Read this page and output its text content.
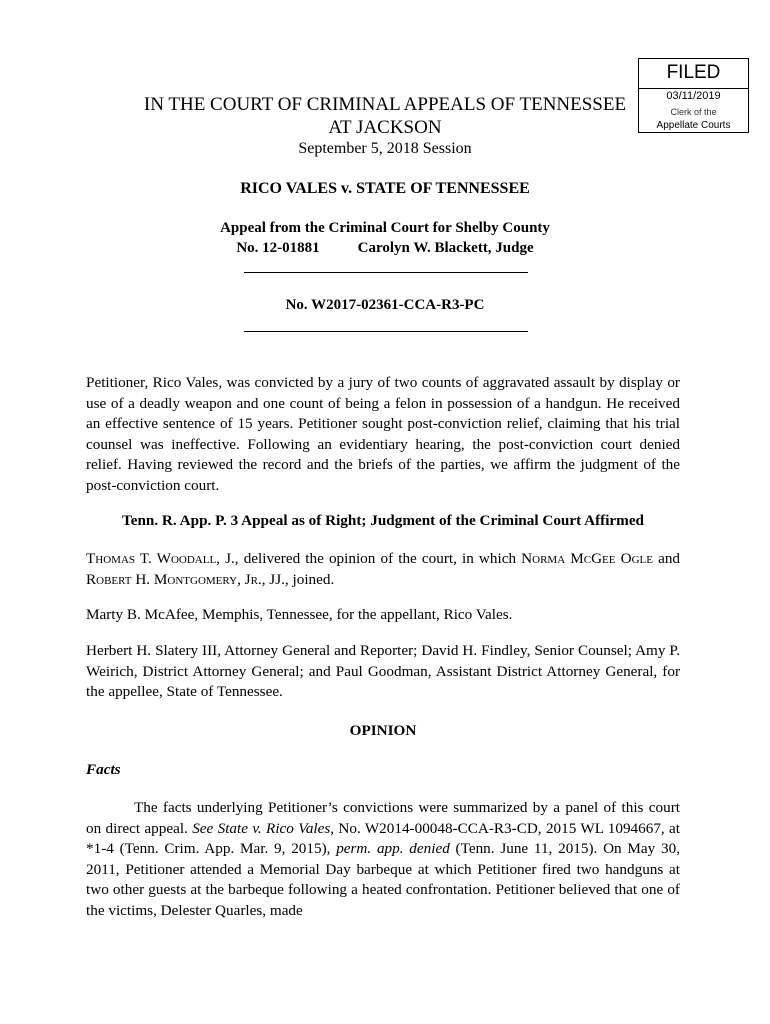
FILED
03/11/2019
Clerk of the
Appellate Courts
IN THE COURT OF CRIMINAL APPEALS OF TENNESSEE
AT JACKSON
September 5, 2018 Session
RICO VALES v. STATE OF TENNESSEE
Appeal from the Criminal Court for Shelby County
No. 12-01881	Carolyn W. Blackett, Judge
No. W2017-02361-CCA-R3-PC

Petitioner, Rico Vales, was convicted by a jury of two counts of aggravated assault by display or use of a deadly weapon and one count of being a felon in possession of a handgun. He received an effective sentence of 15 years. Petitioner sought post-conviction relief, claiming that his trial counsel was ineffective. Following an evidentiary hearing, the post-conviction court denied relief. Having reviewed the record and the briefs of the parties, we affirm the judgment of the post-conviction court.

Tenn. R. App. P. 3 Appeal as of Right; Judgment of the Criminal Court Affirmed

Thomas T. Woodall, J., delivered the opinion of the court, in which Norma McGee Ogle and Robert H. Montgomery, Jr., JJ., joined.

Marty B. McAfee, Memphis, Tennessee, for the appellant, Rico Vales.

Herbert H. Slatery III, Attorney General and Reporter; David H. Findley, Senior Counsel; Amy P. Weirich, District Attorney General; and Paul Goodman, Assistant District Attorney General, for the appellee, State of Tennessee.

OPINION

Facts

The facts underlying Petitioner’s convictions were summarized by a panel of this court on direct appeal. See State v. Rico Vales, No. W2014-00048-CCA-R3-CD, 2015 WL 1094667, at *1-4 (Tenn. Crim. App. Mar. 9, 2015), perm. app. denied (Tenn. June 11, 2015). On May 30, 2011, Petitioner attended a Memorial Day barbeque at which Petitioner fired two handguns at two other guests at the barbeque following a heated confrontation. Petitioner believed that one of the victims, Delester Quarles, made
